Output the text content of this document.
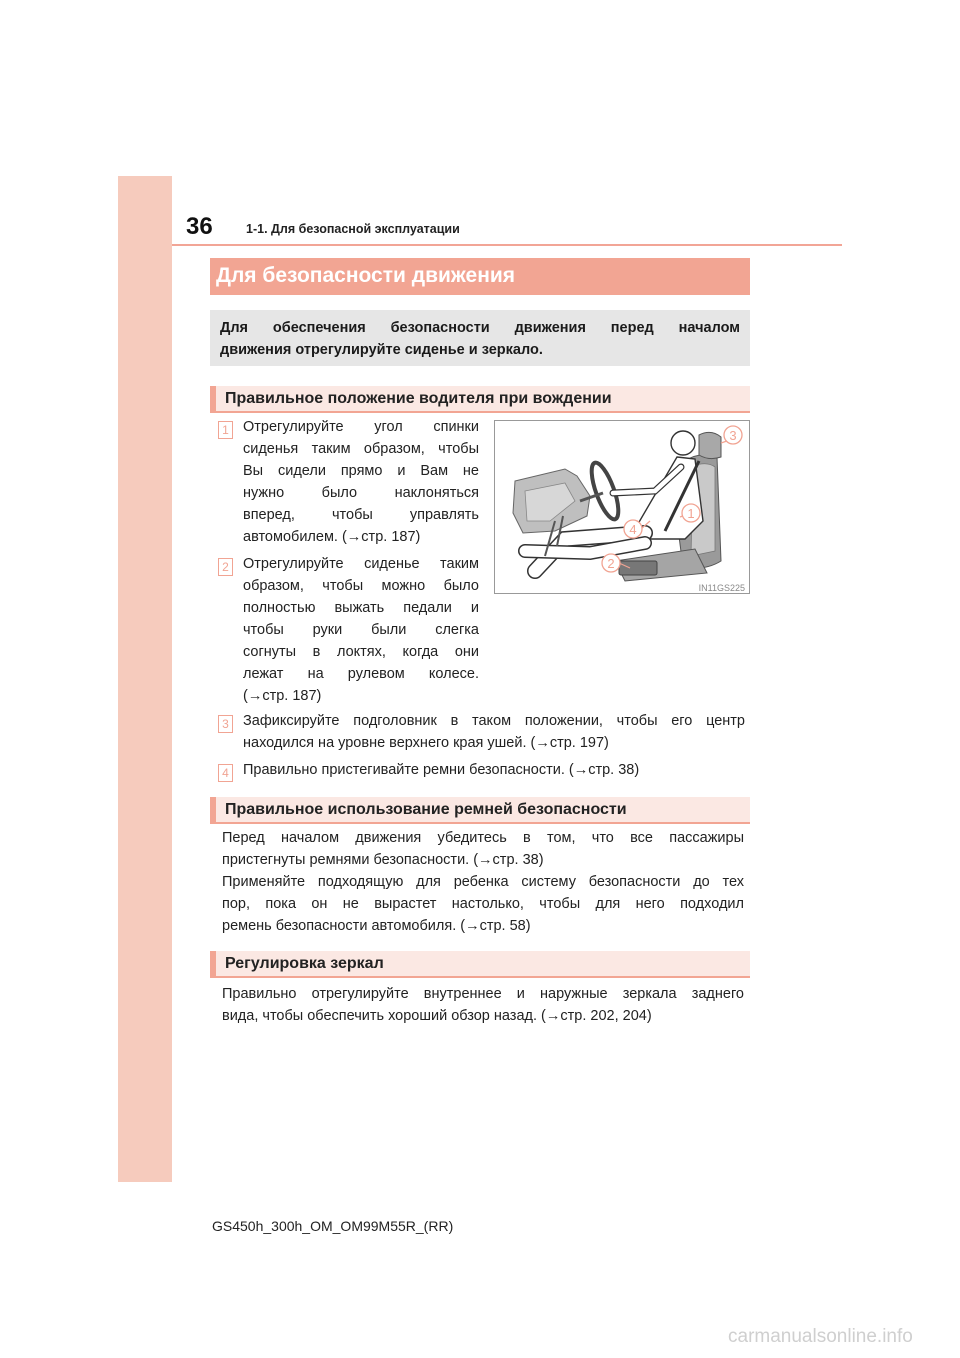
36	1-1. Для безопасной эксплуатации
Для безопасности движения
Для обеспечения безопасности движения перед началом
движения отрегулируйте сиденье и зеркало.
Правильное положение водителя при вождении
1 Отрегулируйте угол спинки
сиденья таким образом, чтобы
Вы сидели прямо и Вам не
нужно было наклоняться
вперед, чтобы управлять
автомобилем. (→стр. 187)
2 Отрегулируйте сиденье таким
образом, чтобы можно было
полностью выжать педали и
чтобы руки были слегка
согнуты в локтях, когда они
лежат на рулевом колесе.
(→стр. 187)
3
1
4
2
IN11GS225
3 Зафиксируйте подголовник в таком положении, чтобы его центр
находился на уровне верхнего края ушей. (→стр. 197)
4 Правильно пристегивайте ремни безопасности. (→стр. 38)
Правильное использование ремней безопасности
Перед началом движения убедитесь в том, что все пассажиры
пристегнуты ремнями безопасности. (→стр. 38)
Применяйте подходящую для ребенка систему безопасности до тех
пор, пока он не вырастет настолько, чтобы для него подходил
ремень безопасности автомобиля. (→стр. 58)
Регулировка зеркал
Правильно отрегулируйте внутреннее и наружные зеркала заднего
вида, чтобы обеспечить хороший обзор назад. (→стр. 202, 204)
GS450h_300h_OM_OM99M55R_(RR)
carmanualsonline.info
